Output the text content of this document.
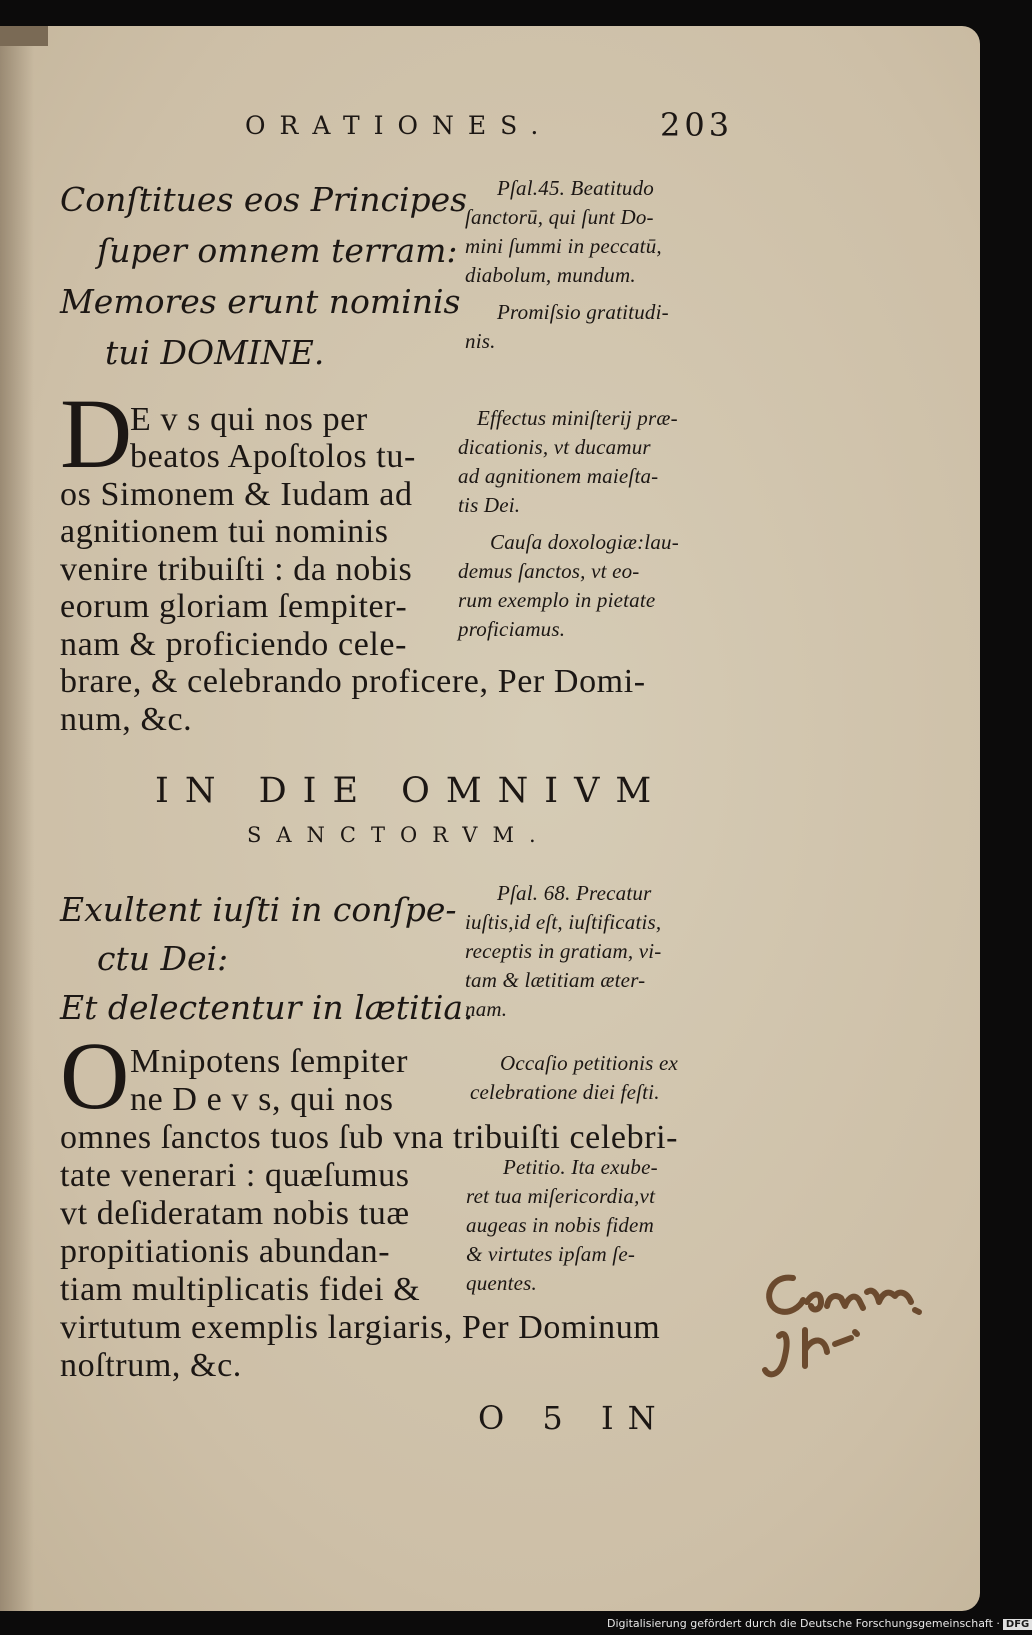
ORATIONES.	203
Conſtitues eos Principes
ſuper omnem terram:
Memores erunt nominis
tui DOMINE.
Pſal.45. Beatitudo
ſanctorū, qui ſunt Do-
mini ſummi in peccatū,
diabolum, mundum.
Promiſsio gratitudi-
nis.
D
E v s qui nos per
beatos Apoſtolos tu-
os Simonem & Iudam ad
agnitionem tui nominis
venire tribuiſti : da nobis
eorum gloriam ſempiter-
nam & proficiendo cele-
brare, & celebrando proficere, Per Domi-
num, &c.
Effectus miniſterij præ-
dicationis, vt ducamur
ad agnitionem maieſta-
tis Dei.
Cauſa doxologiæ:lau-
demus ſanctos, vt eo-
rum exemplo in pietate
proficiamus.
IN DIE OMNIVM
SANCTORVM.
Exultent iuſti in conſpe-
ctu Dei:
Et delectentur in lætitia.
Pſal. 68. Precatur
iuſtis,id eſt, iuſtificatis,
receptis in gratiam, vi-
tam & lætitiam æter-
nam.
O Mnipotens ſempiter
ne D e v s, qui nos
omnes ſanctos tuos ſub vna tribuiſti celebri-
tate venerari : quæſumus
vt deſideratam nobis tuæ
propitiationis abundan-
tiam multiplicatis fidei &
virtutum exemplis largiaris, Per Dominum
noſtrum, &c.
Occaſio petitionis ex
celebratione diei feſti.
Petitio. Ita exube-
ret tua miſericordia,vt
augeas in nobis fidem
& virtutes ipſam ſe-
quentes.
O 5 IN
Digitalisierung gefördert durch die Deutsche Forschungsgemeinschaft · DFG
